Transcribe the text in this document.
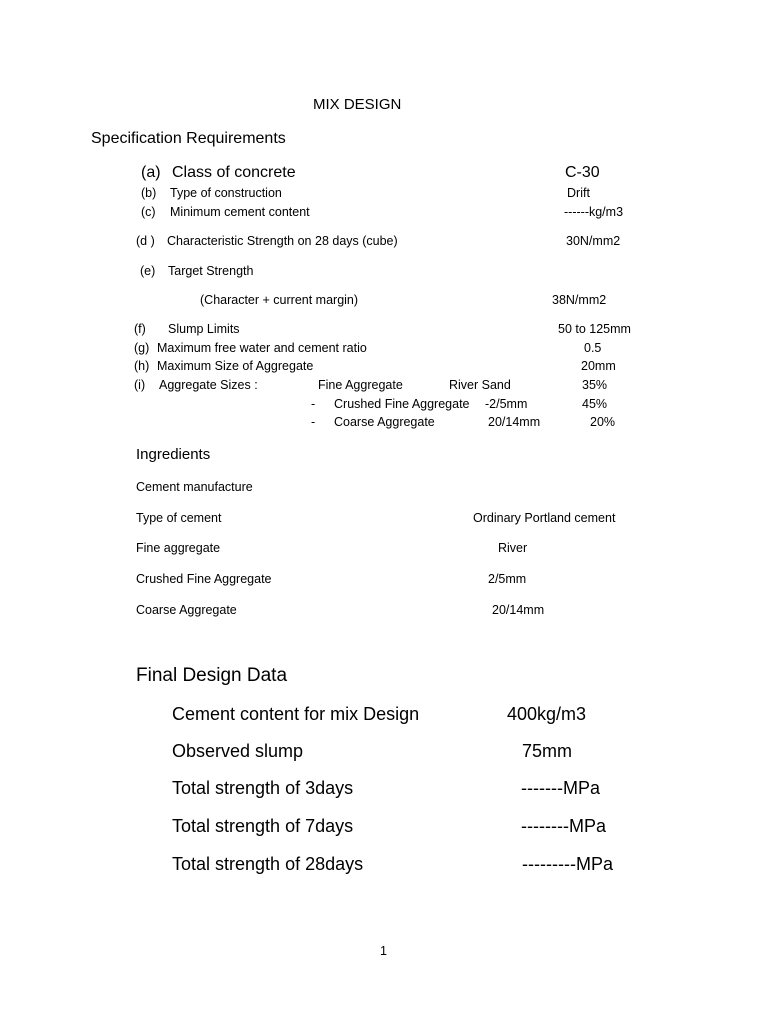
MIX DESIGN
Specification Requirements
(a) Class of concrete	C-30
(b) Type of construction	Drift
(c) Minimum cement content	------kg/m3
(d ) Characteristic Strength on 28 days (cube)	30N/mm2
(e) Target Strength
(Character + current margin)	38N/mm2
(f) Slump Limits	50 to 125mm
(g) Maximum free water and cement ratio	0.5
(h) Maximum Size of Aggregate	20mm
(i) Aggregate Sizes :	Fine Aggregate	River Sand	35%
- Crushed Fine Aggregate -2/5mm	45%
- Coarse Aggregate	20/14mm	20%
Ingredients
Cement manufacture
Type of cement	Ordinary Portland cement
Fine aggregate	River
Crushed Fine Aggregate	2/5mm
Coarse Aggregate	20/14mm
Final Design Data
Cement content for mix Design	400kg/m3
Observed slump	75mm
Total strength of 3days	-------MPa
Total strength of 7days	--------MPa
Total strength of 28days	---------MPa
1
